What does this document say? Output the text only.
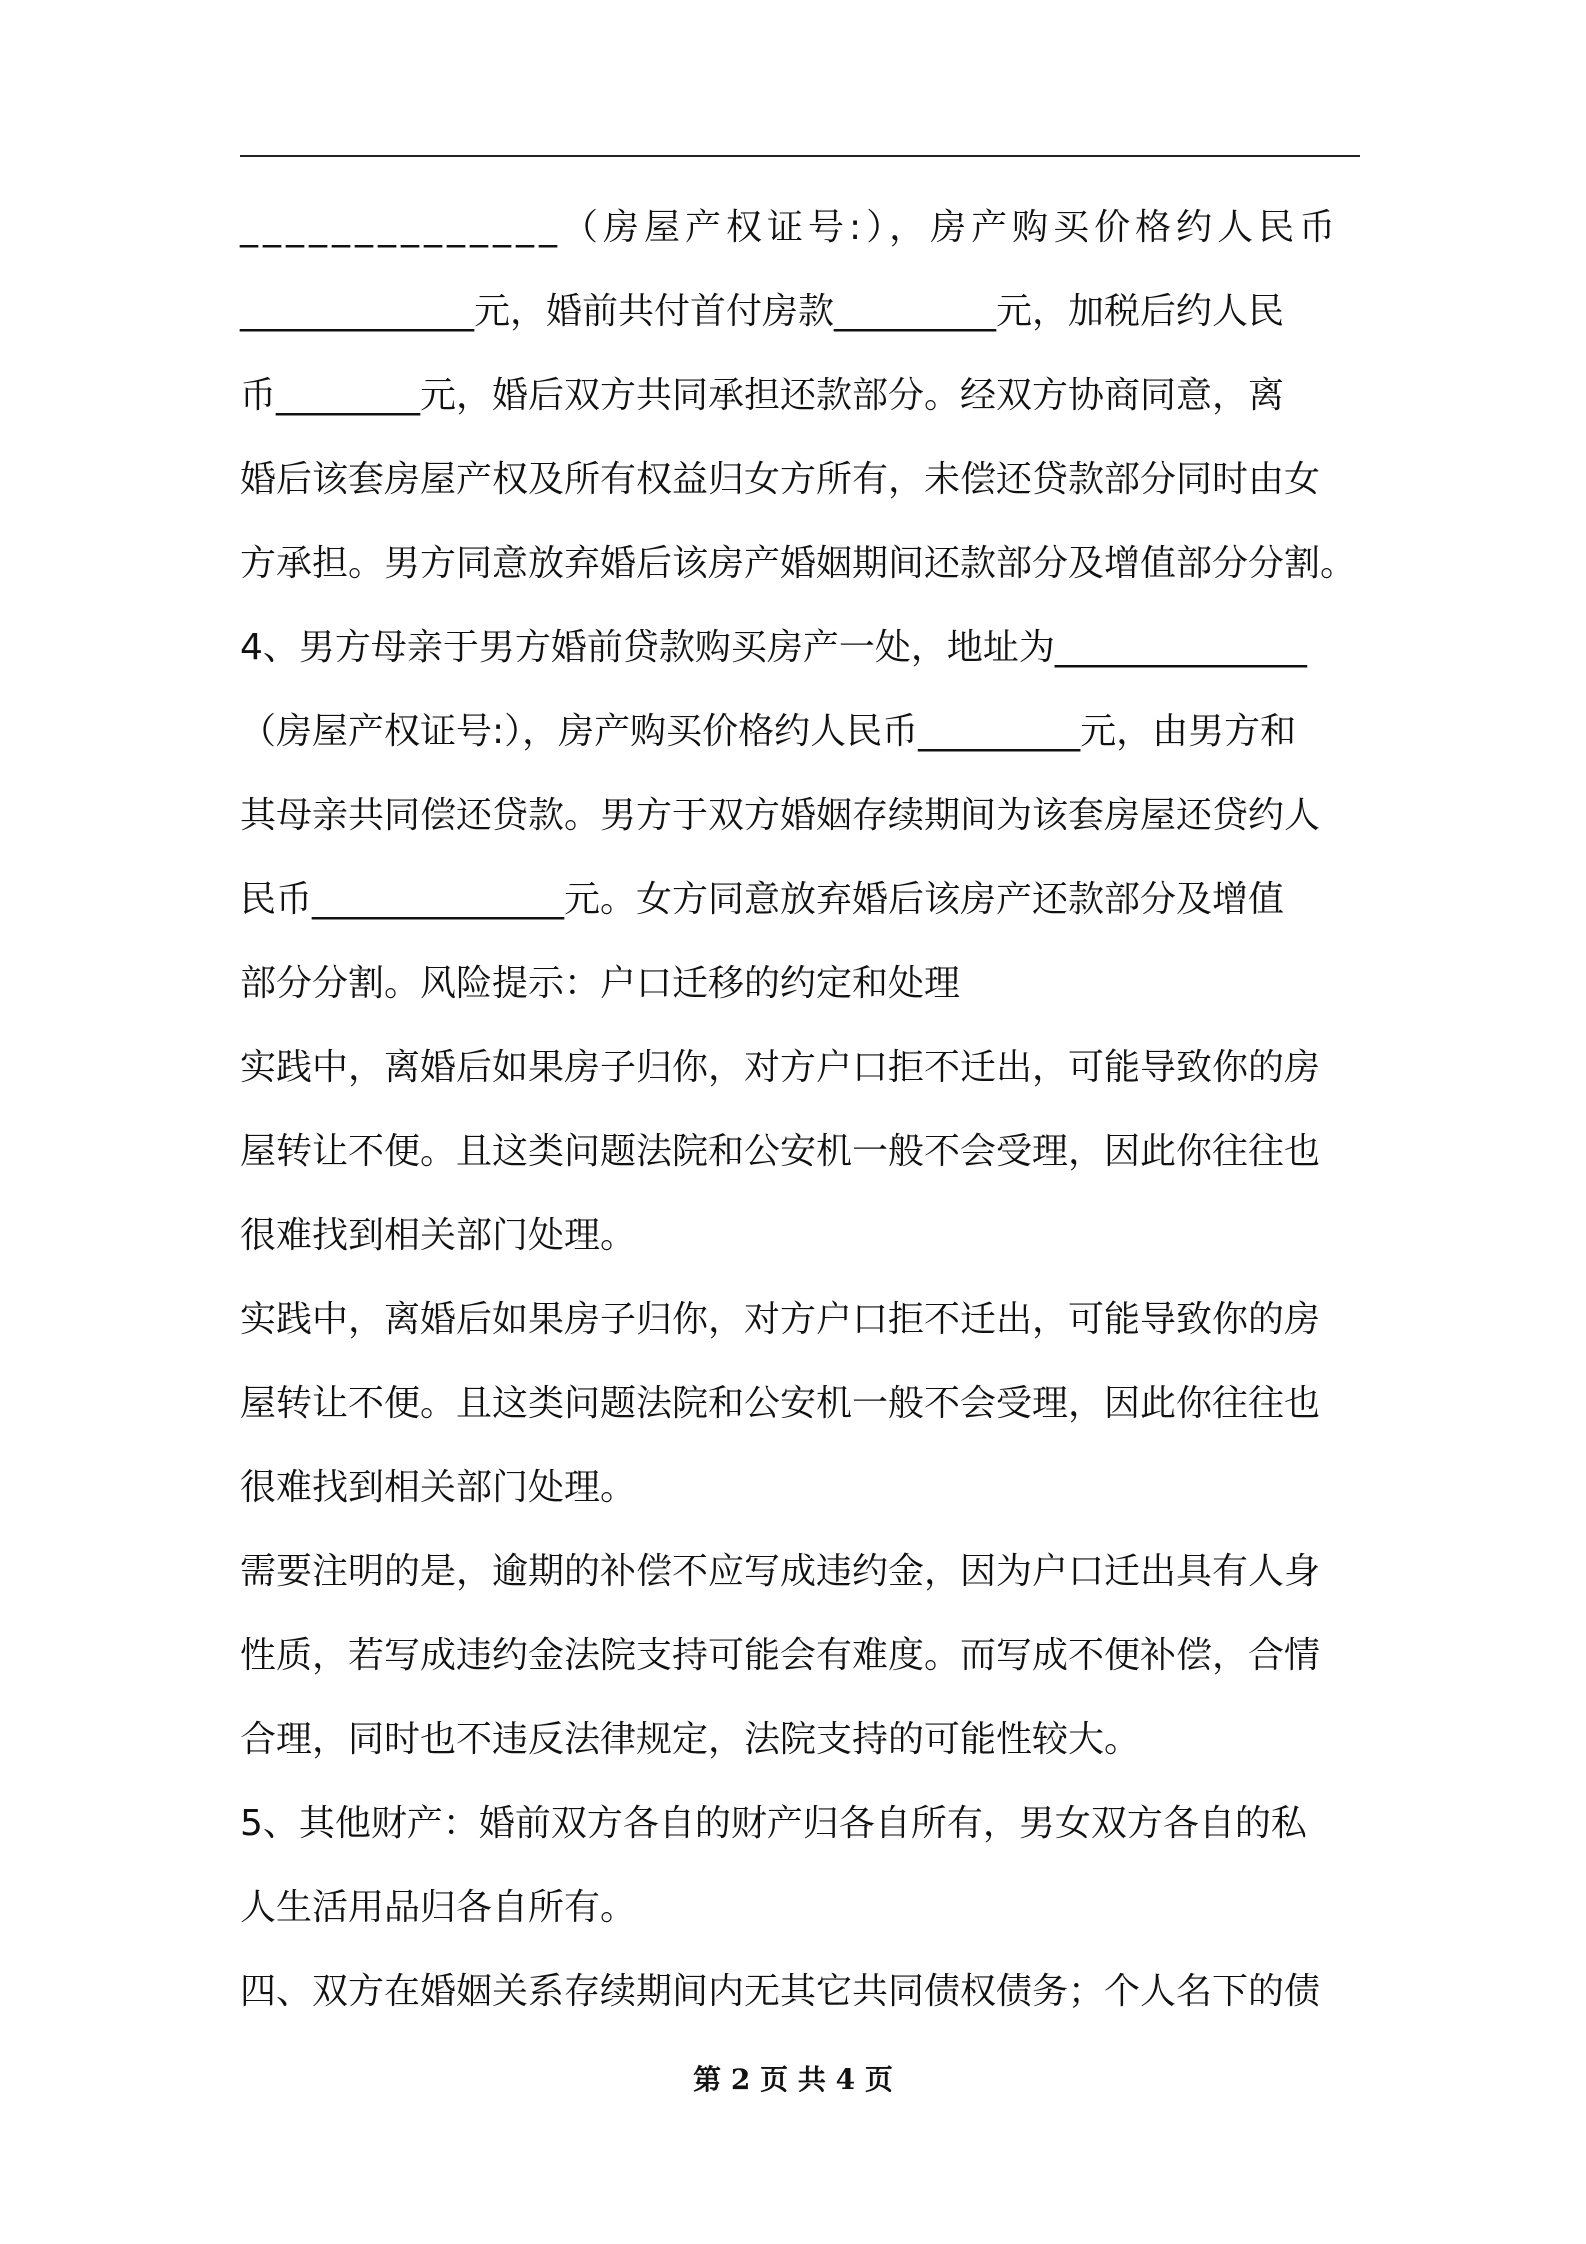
______________（房屋产权证号:），房产购买价格约人民币
_____________元，婚前共付首付房款_________元，加税后约人民
币________元，婚后双方共同承担还款部分。经双方协商同意，离
婚后该套房屋产权及所有权益归女方所有，未偿还贷款部分同时由女
方承担。男方同意放弃婚后该房产婚姻期间还款部分及增值部分分割。
4、男方母亲于男方婚前贷款购买房产一处，地址为______________
（房屋产权证号:），房产购买价格约人民币_________元，由男方和
其母亲共同偿还贷款。男方于双方婚姻存续期间为该套房屋还贷约人
民币______________元。女方同意放弃婚后该房产还款部分及增值
部分分割。风险提示：户口迁移的约定和处理
实践中，离婚后如果房子归你，对方户口拒不迁出，可能导致你的房
屋转让不便。且这类问题法院和公安机一般不会受理，因此你往往也
很难找到相关部门处理。
实践中，离婚后如果房子归你，对方户口拒不迁出，可能导致你的房
屋转让不便。且这类问题法院和公安机一般不会受理，因此你往往也
很难找到相关部门处理。
需要注明的是，逾期的补偿不应写成违约金，因为户口迁出具有人身
性质，若写成违约金法院支持可能会有难度。而写成不便补偿，合情
合理，同时也不违反法律规定，法院支持的可能性较大。
5、其他财产：婚前双方各自的财产归各自所有，男女双方各自的私
人生活用品归各自所有。
四、双方在婚姻关系存续期间内无其它共同债权债务；个人名下的债
第 2 页 共 4 页
